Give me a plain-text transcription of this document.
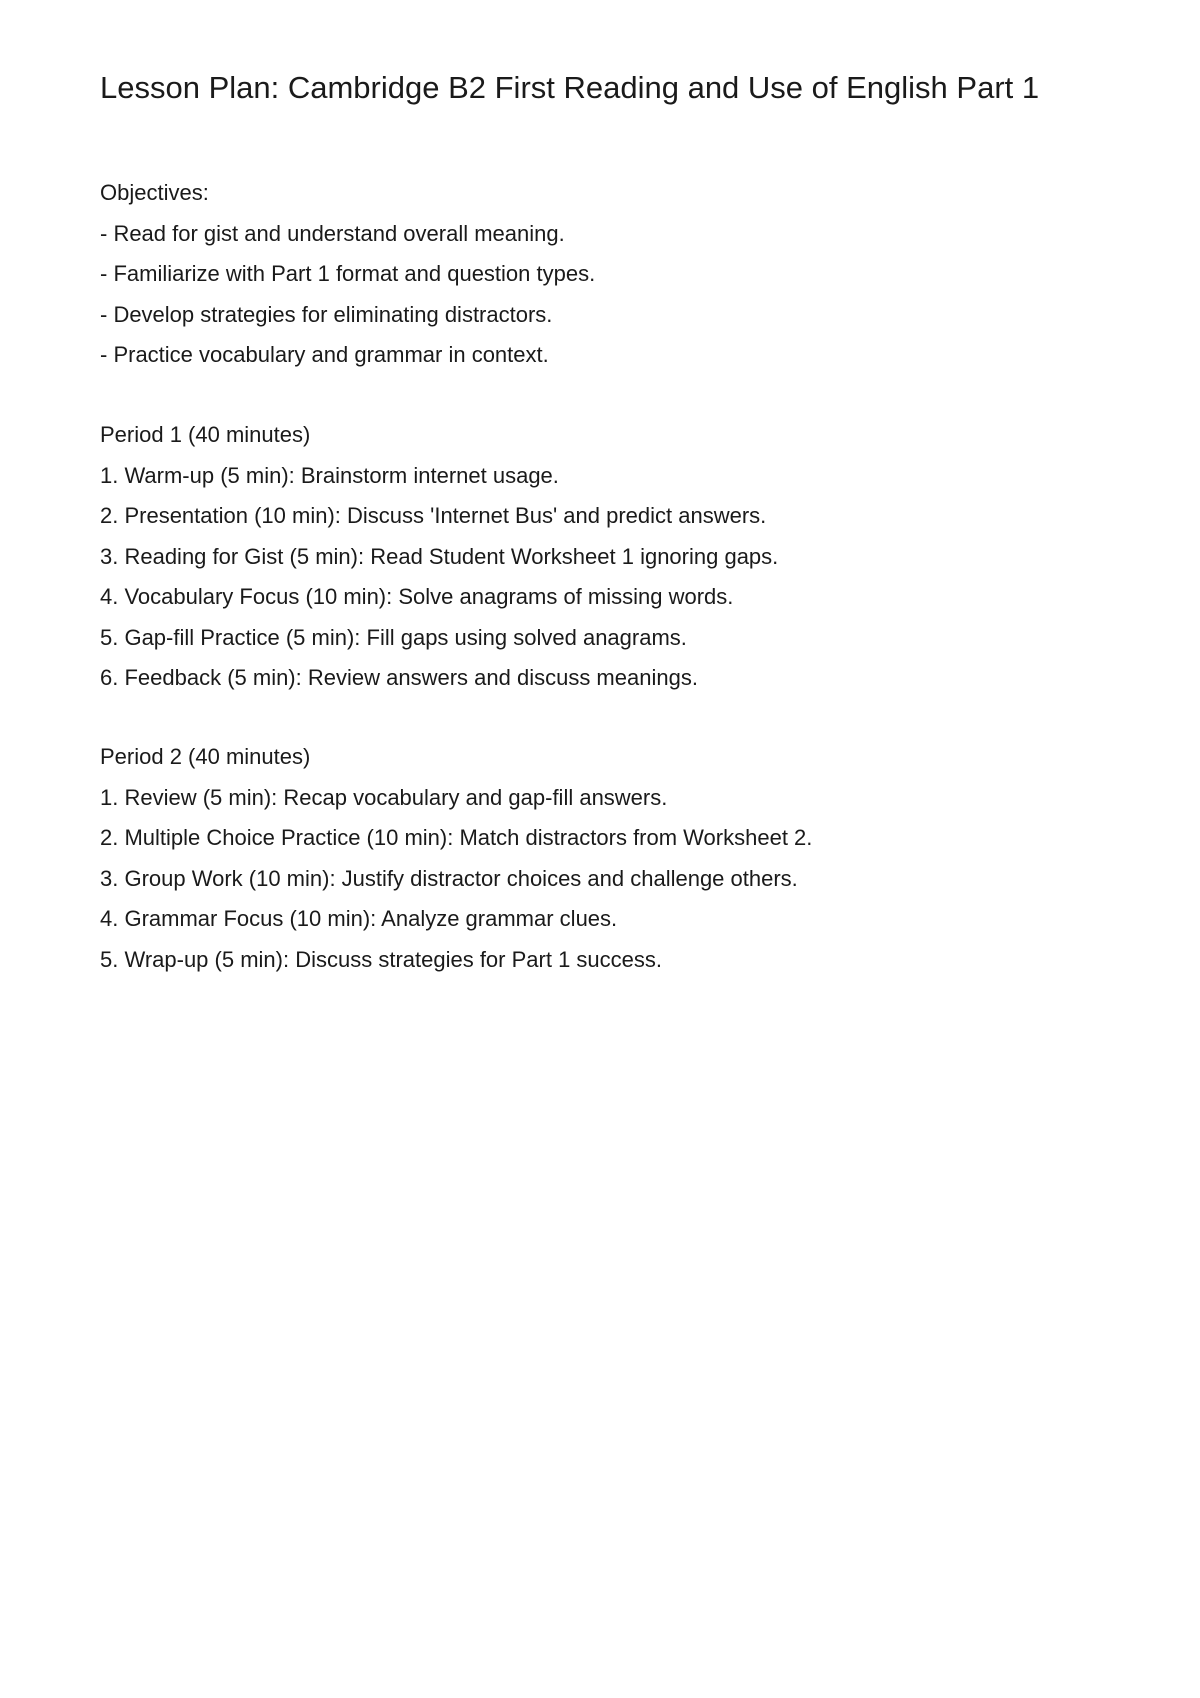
Lesson Plan: Cambridge B2 First Reading and Use of English Part 1

Objectives:

- Read for gist and understand overall meaning.

- Familiarize with Part 1 format and question types.

- Develop strategies for eliminating distractors.

- Practice vocabulary and grammar in context.

Period 1 (40 minutes)

1. Warm-up (5 min): Brainstorm internet usage.

2. Presentation (10 min): Discuss 'Internet Bus' and predict answers.

3. Reading for Gist (5 min): Read Student Worksheet 1 ignoring gaps.

4. Vocabulary Focus (10 min): Solve anagrams of missing words.

5. Gap-fill Practice (5 min): Fill gaps using solved anagrams.

6. Feedback (5 min): Review answers and discuss meanings.

Period 2 (40 minutes)

1. Review (5 min): Recap vocabulary and gap-fill answers.

2. Multiple Choice Practice (10 min): Match distractors from Worksheet 2.

3. Group Work (10 min): Justify distractor choices and challenge others.

4. Grammar Focus (10 min): Analyze grammar clues.

5. Wrap-up (5 min): Discuss strategies for Part 1 success.
